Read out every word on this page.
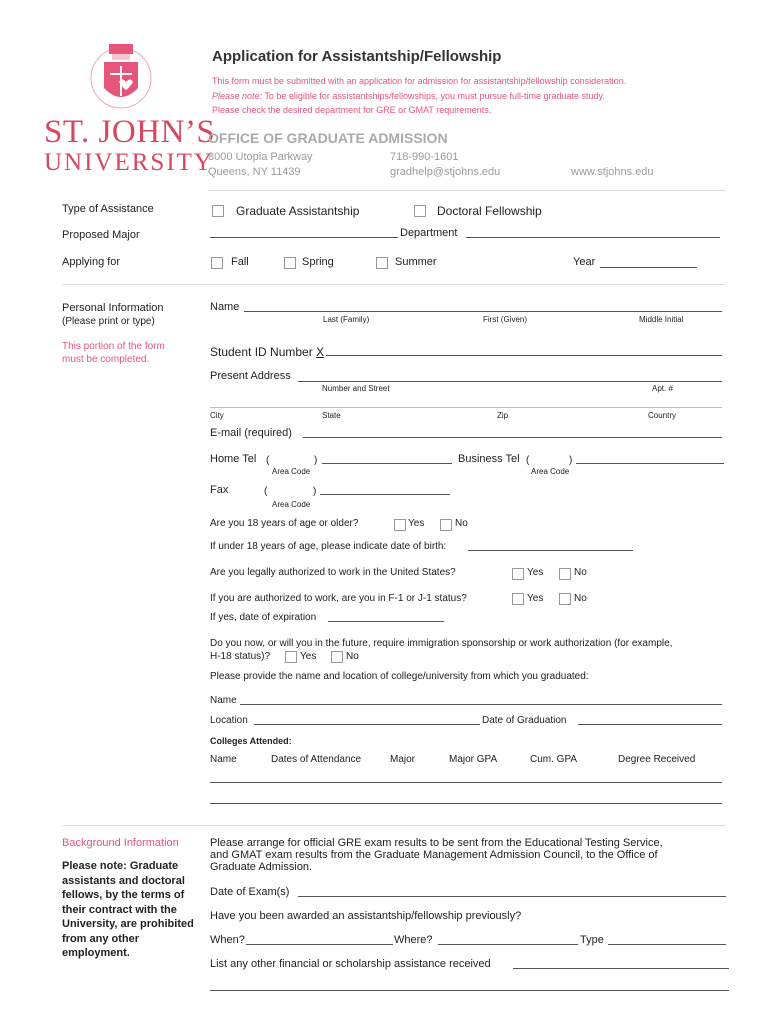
ST. JOHN’S
UNIVERSITY
Application for Assistantship/Fellowship
This form must be submitted with an application for admission for assistantship/fellowship consideration.
Please note: To be eligible for assistantships/fellowships, you must pursue full-time graduate study.
Please check the desired department for GRE or GMAT requirements.
OFFICE OF GRADUATE ADMISSION
8000 Utopia Parkway
Queens, NY 11439
718-990-1601
gradhelp@stjohns.edu	www.stjohns.edu
Type of Assistance	Graduate Assistantship	Doctoral Fellowship
Proposed Major	Department
Applying for	Fall	Spring	Summer	Year
Personal Information
(Please print or type)
This portion of the form
must be completed.
Name
Last (Family)	First (Given)	Middle Initial
Student ID Number X
Present Address
Number and Street	Apt. #
City	State	Zip	Country
E-mail (required)
Home Tel (	)
Area Code
Business Tel (	)
Area Code
Fax	(	)
Area Code
Are you 18 years of age or older?	Yes	No
If under 18 years of age, please indicate date of birth:
Are you legally authorized to work in the United States?	Yes	No
If you are authorized to work, are you in F-1 or J-1 status?	Yes	No
If yes, date of expiration
Do you now, or will you in the future, require immigration sponsorship or work authorization (for example,
H-18 status)?	Yes	No
Please provide the name and location of college/university from which you graduated:
Name
Location	Date of Graduation
Colleges Attended:
Name	Dates of Attendance	Major	Major GPA	Cum. GPA	Degree Received
Background Information
Please note: Graduate assistants and doctoral fellows, by the terms of their contract with the University, are prohibited from any other employment.
Please arrange for official GRE exam results to be sent from the Educational Testing Service,
and GMAT exam results from the Graduate Management Admission Council, to the Office of
Graduate Admission.
Date of Exam(s)
Have you been awarded an assistantship/fellowship previously?
When?	Where?	Type
List any other financial or scholarship assistance received
